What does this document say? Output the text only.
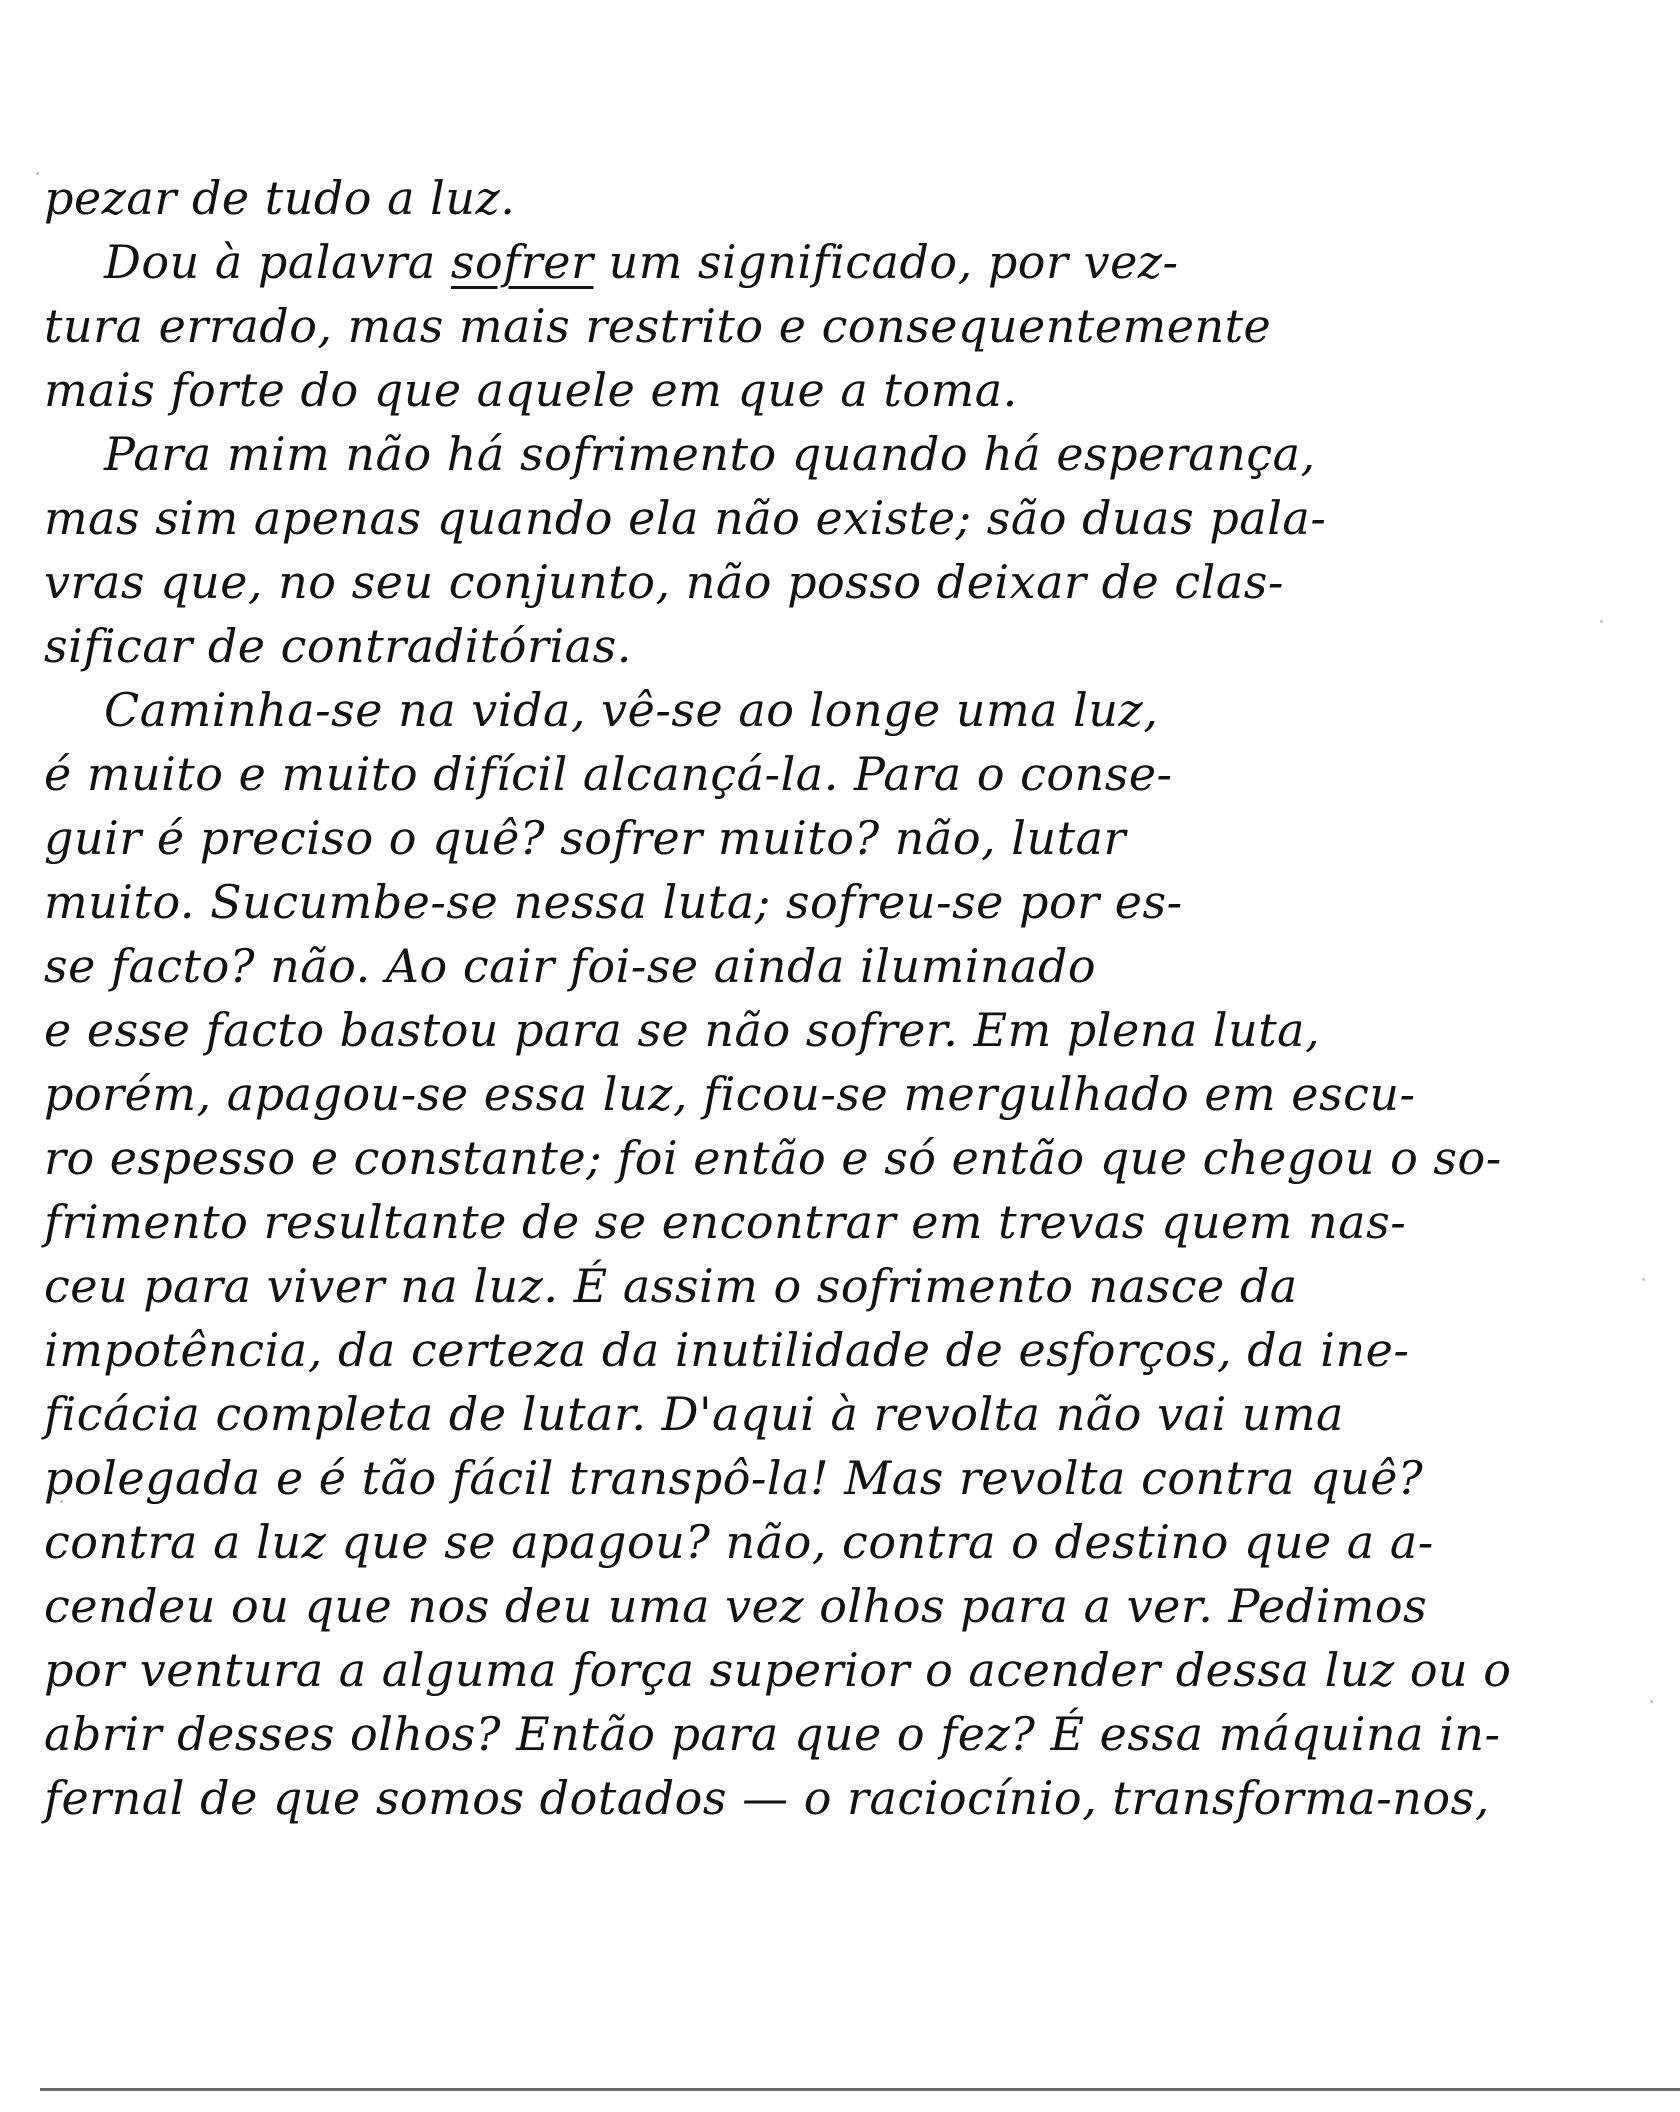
pezar de tudo a luz.
Dou à palavra sofrer um significado, por vez-
tura errado, mas mais restrito e consequentemente
mais forte do que aquele em que a toma.
Para mim não há sofrimento quando há esperança,
mas sim apenas quando ela não existe; são duas pala-
vras que, no seu conjunto, não posso deixar de clas-
sificar de contraditórias.
Caminha-se na vida, vê-se ao longe uma luz,
é muito e muito difícil alcançá-la. Para o conse-
guir é preciso o quê? sofrer muito? não, lutar
muito. Sucumbe-se nessa luta; sofreu-se por es-
se facto? não. Ao cair foi-se ainda iluminado
e esse facto bastou para se não sofrer. Em plena luta,
porém, apagou-se essa luz, ficou-se mergulhado em escu-
ro espesso e constante; foi então e só então que chegou o so-
frimento resultante de se encontrar em trevas quem nas-
ceu para viver na luz. É assim o sofrimento nasce da
impotência, da certeza da inutilidade de esforços, da ine-
ficácia completa de lutar. D'aqui à revolta não vai uma
polegada e é tão fácil transpô-la! Mas revolta contra quê?
contra a luz que se apagou? não, contra o destino que a a-
cendeu ou que nos deu uma vez olhos para a ver. Pedimos
por ventura a alguma força superior o acender dessa luz ou o
abrir desses olhos? Então para que o fez? É essa máquina in-
fernal de que somos dotados — o raciocínio, transforma-nos,
